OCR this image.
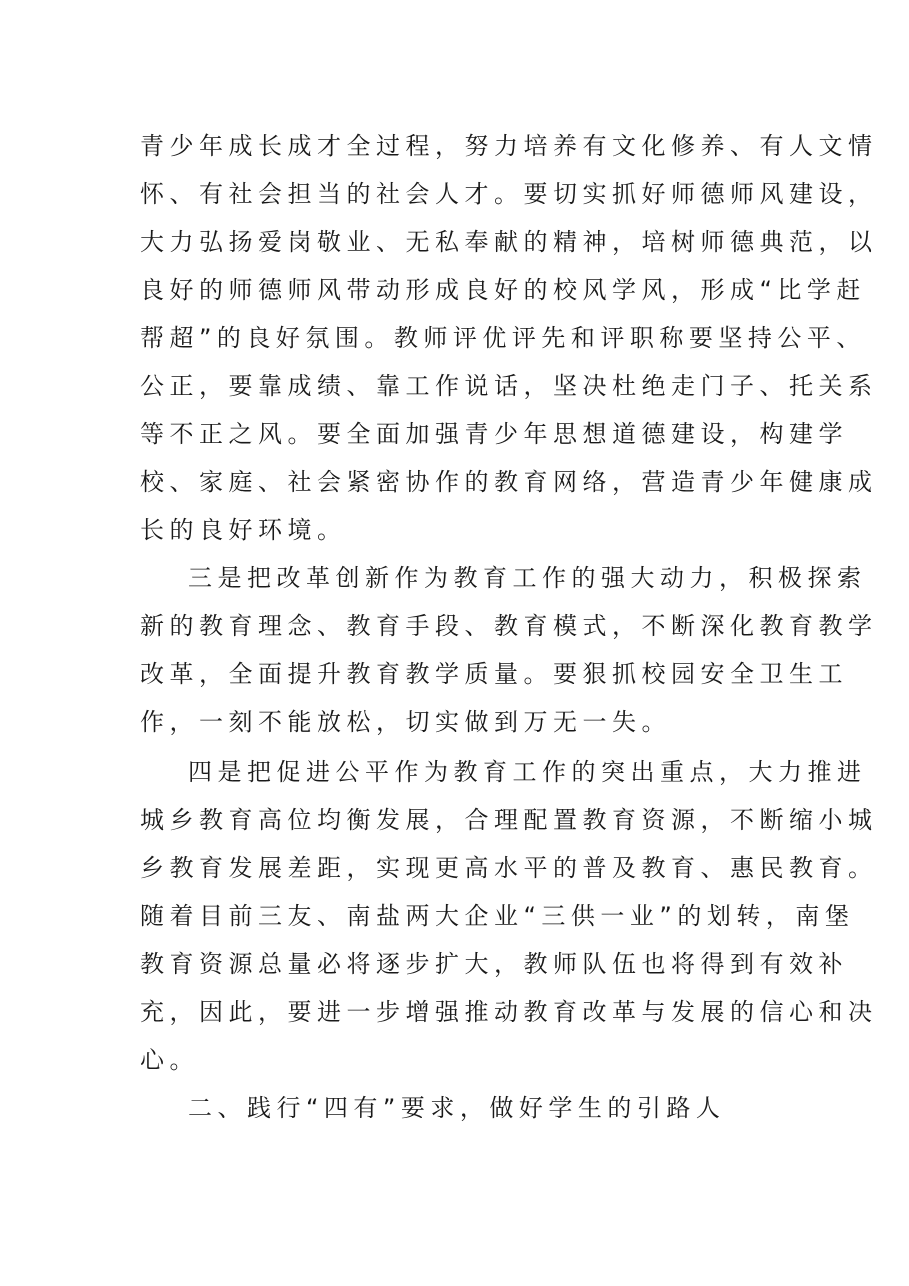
青少年成长成才全过程，努力培养有文化修养、有人文情
怀、有社会担当的社会人才。要切实抓好师德师风建设，
大力弘扬爱岗敬业、无私奉献的精神，培树师德典范，以
良好的师德师风带动形成良好的校风学风，形成“比学赶
帮超”的良好氛围。教师评优评先和评职称要坚持公平、
公正，要靠成绩、靠工作说话，坚决杜绝走门子、托关系
等不正之风。要全面加强青少年思想道德建设，构建学
校、家庭、社会紧密协作的教育网络，营造青少年健康成
长的良好环境。
三是把改革创新作为教育工作的强大动力，积极探索
新的教育理念、教育手段、教育模式，不断深化教育教学
改革，全面提升教育教学质量。要狠抓校园安全卫生工
作，一刻不能放松，切实做到万无一失。
四是把促进公平作为教育工作的突出重点，大力推进
城乡教育高位均衡发展，合理配置教育资源，不断缩小城
乡教育发展差距，实现更高水平的普及教育、惠民教育。
随着目前三友、南盐两大企业“三供一业”的划转，南堡
教育资源总量必将逐步扩大，教师队伍也将得到有效补
充，因此，要进一步增强推动教育改革与发展的信心和决
心。
二、践行“四有”要求，做好学生的引路人
